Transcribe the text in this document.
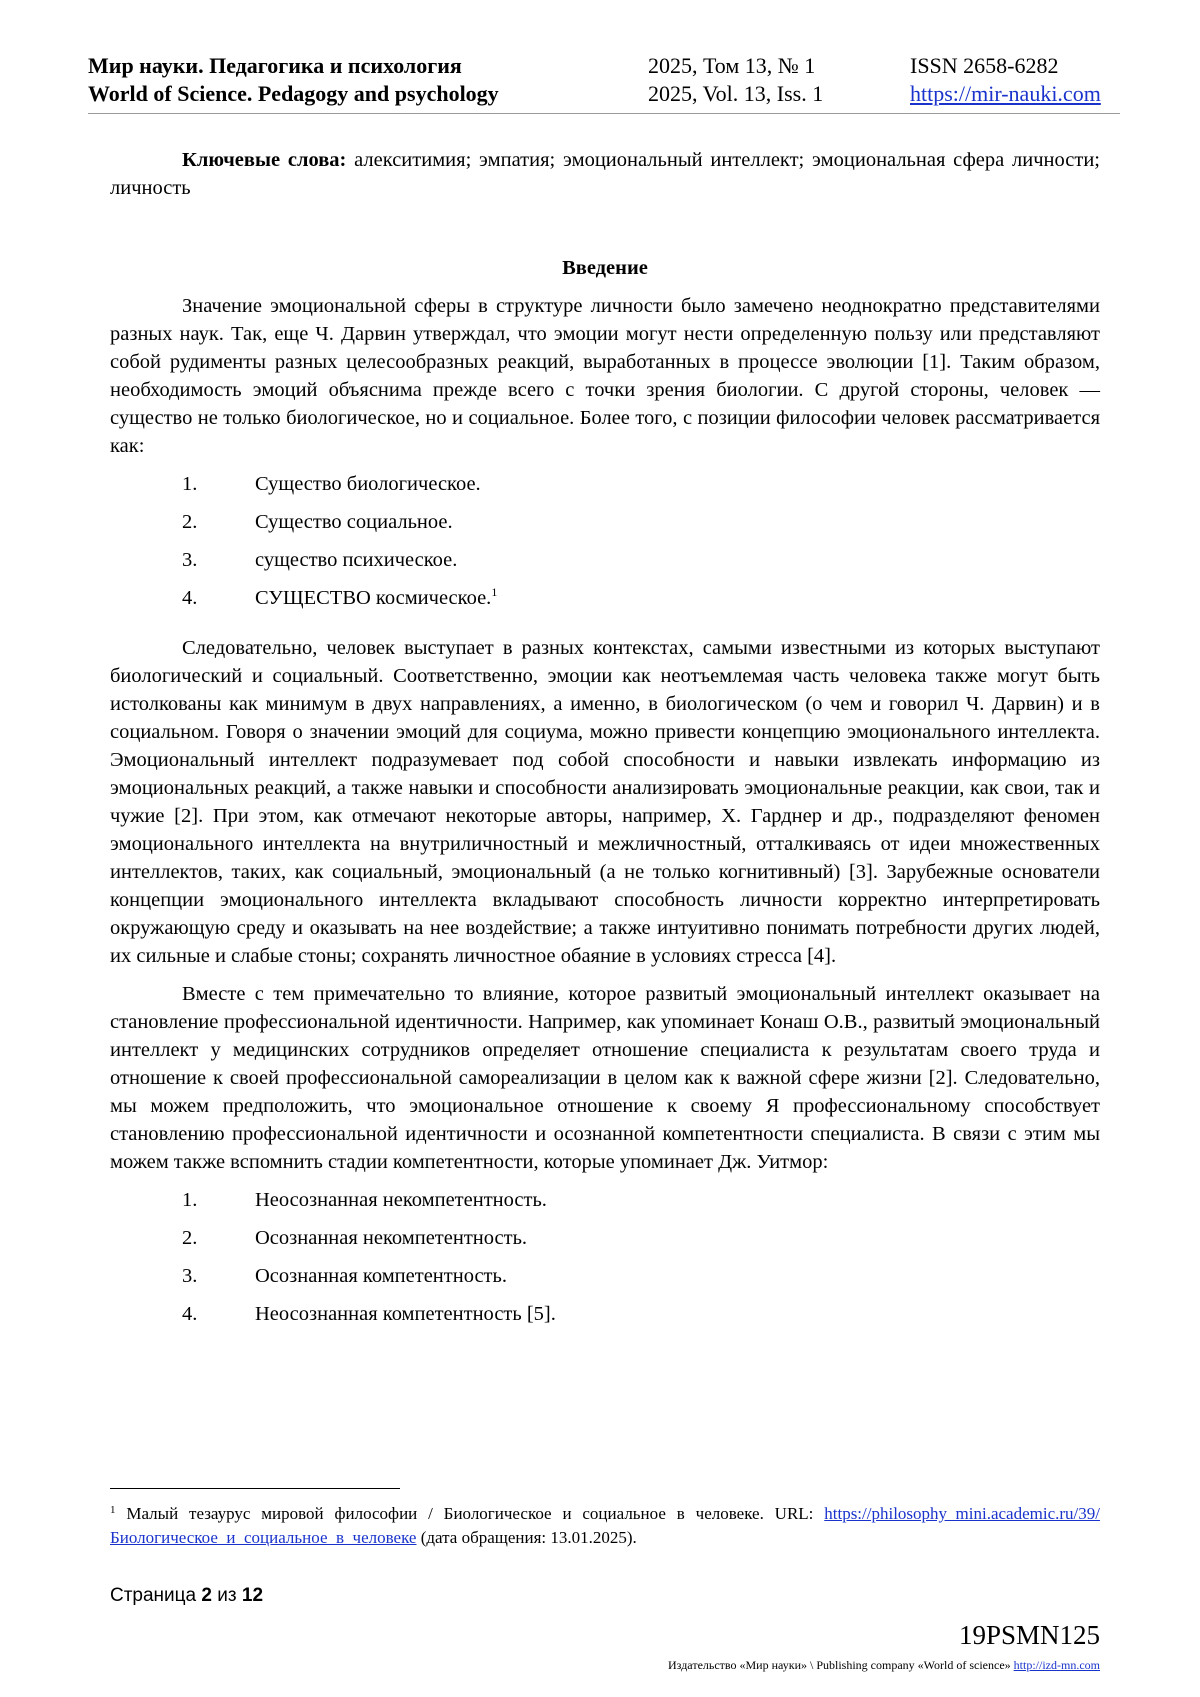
Мир науки. Педагогика и психология
World of Science. Pedagogy and psychology
2025, Том 13, № 1
2025, Vol. 13, Iss. 1
ISSN 2658-6282
https://mir-nauki.com
Ключевые слова: алекситимия; эмпатия; эмоциональный интеллект; эмоциональная сфера личности; личность
Введение
Значение эмоциональной сферы в структуре личности было замечено неоднократно представителями разных наук. Так, еще Ч. Дарвин утверждал, что эмоции могут нести определенную пользу или представляют собой рудименты разных целесообразных реакций, выработанных в процессе эволюции [1]. Таким образом, необходимость эмоций объяснима прежде всего с точки зрения биологии. С другой стороны, человек — существо не только биологическое, но и социальное. Более того, с позиции философии человек рассматривается как:
1.	Существо биологическое.
2.	Существо социальное.
3.	существо психическое.
4.	СУЩЕСТВО космическое.$^1$
Следовательно, человек выступает в разных контекстах, самыми известными из которых выступают биологический и социальный. Соответственно, эмоции как неотъемлемая часть человека также могут быть истолкованы как минимум в двух направлениях, а именно, в биологическом (о чем и говорил Ч. Дарвин) и в социальном. Говоря о значении эмоций для социума, можно привести концепцию эмоционального интеллекта. Эмоциональный интеллект подразумевает под собой способности и навыки извлекать информацию из эмоциональных реакций, а также навыки и способности анализировать эмоциональные реакции, как свои, так и чужие [2]. При этом, как отмечают некоторые авторы, например, Х. Гарднер и др., подразделяют феномен эмоционального интеллекта на внутриличностный и межличностный, отталкиваясь от идеи множественных интеллектов, таких, как социальный, эмоциональный (а не только когнитивный) [3]. Зарубежные основатели концепции эмоционального интеллекта вкладывают способность личности корректно интерпретировать окружающую среду и оказывать на нее воздействие; а также интуитивно понимать потребности других людей, их сильные и слабые стоны; сохранять личностное обаяние в условиях стресса [4].
Вместе с тем примечательно то влияние, которое развитый эмоциональный интеллект оказывает на становление профессиональной идентичности. Например, как упоминает Конаш О.В., развитый эмоциональный интеллект у медицинских сотрудников определяет отношение специалиста к результатам своего труда и отношение к своей профессиональной самореализации в целом как к важной сфере жизни [2]. Следовательно, мы можем предположить, что эмоциональное отношение к своему Я профессиональному способствует становлению профессиональной идентичности и осознанной компетентности специалиста. В связи с этим мы можем также вспомнить стадии компетентности, которые упоминает Дж. Уитмор:
1.	Неосознанная некомпетентность.
2.	Осознанная некомпетентность.
3.	Осознанная компетентность.
4.	Неосознанная компетентность [5].
$^1$ Малый тезаурус мировой философии / Биологическое и социальное в человеке. URL: https://philosophy_mini.academic.ru/39/Биологическое_и_социальное_в_человеке (дата обращения: 13.01.2025).
Страница 2 из 12
19PSMN125
Издательство «Мир науки» \ Publishing company «World of science» http://izd-mn.com
